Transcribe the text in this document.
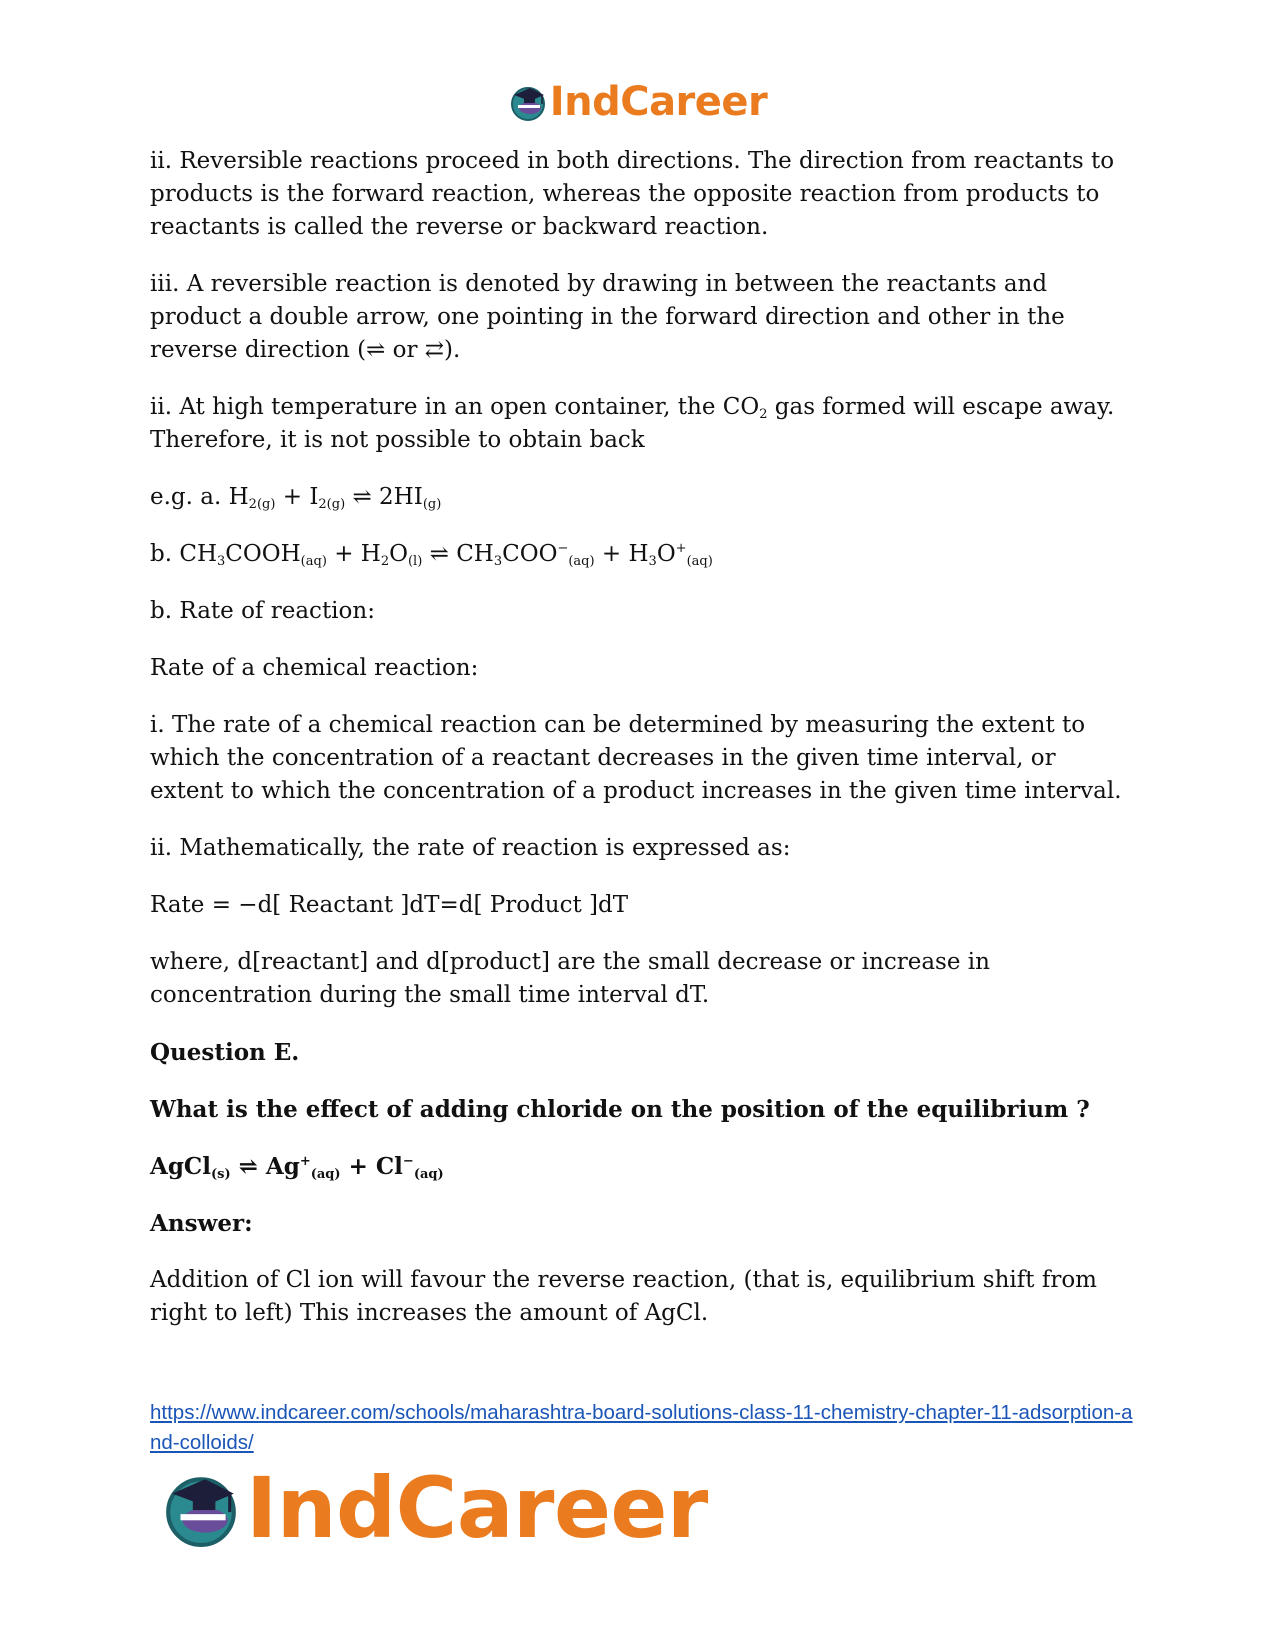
IndCareer

ii. Reversible reactions proceed in both directions. The direction from reactants to products is the forward reaction, whereas the opposite reaction from products to reactants is called the reverse or backward reaction.

iii. A reversible reaction is denoted by drawing in between the reactants and product a double arrow, one pointing in the forward direction and other in the reverse direction (⇌ or ⇄).

ii. At high temperature in an open container, the $CO_2$ gas formed will escape away. Therefore, it is not possible to obtain back

e.g. a. $H_{2(g)} + I_{2(g)}$ ⇌ $2HI_{(g)}$

b. $CH_3COOH_{(aq)} + H_2O_{(l)}$ ⇌ $CH_3COO^-_{(aq)} + H_3O^+_{(aq)}$

b. Rate of reaction:

Rate of a chemical reaction:

i. The rate of a chemical reaction can be determined by measuring the extent to which the concentration of a reactant decreases in the given time interval, or extent to which the concentration of a product increases in the given time interval.

ii. Mathematically, the rate of reaction is expressed as:

Rate = −d[ Reactant ]dT=d[ Product ]dT

where, d[reactant] and d[product] are the small decrease or increase in concentration during the small time interval dT.

Question E.

What is the effect of adding chloride on the position of the equilibrium ?

AgCl$_{(s)}$ ⇌ $Ag^+_{(aq)} + Cl^-_{(aq)}$

Answer:

Addition of Cl ion will favour the reverse reaction, (that is, equilibrium shift from right to left) This increases the amount of AgCl.

https://www.indcareer.com/schools/maharashtra-board-solutions-class-11-chemistry-chapter-11-adsorption-and-colloids/
IndCareer
